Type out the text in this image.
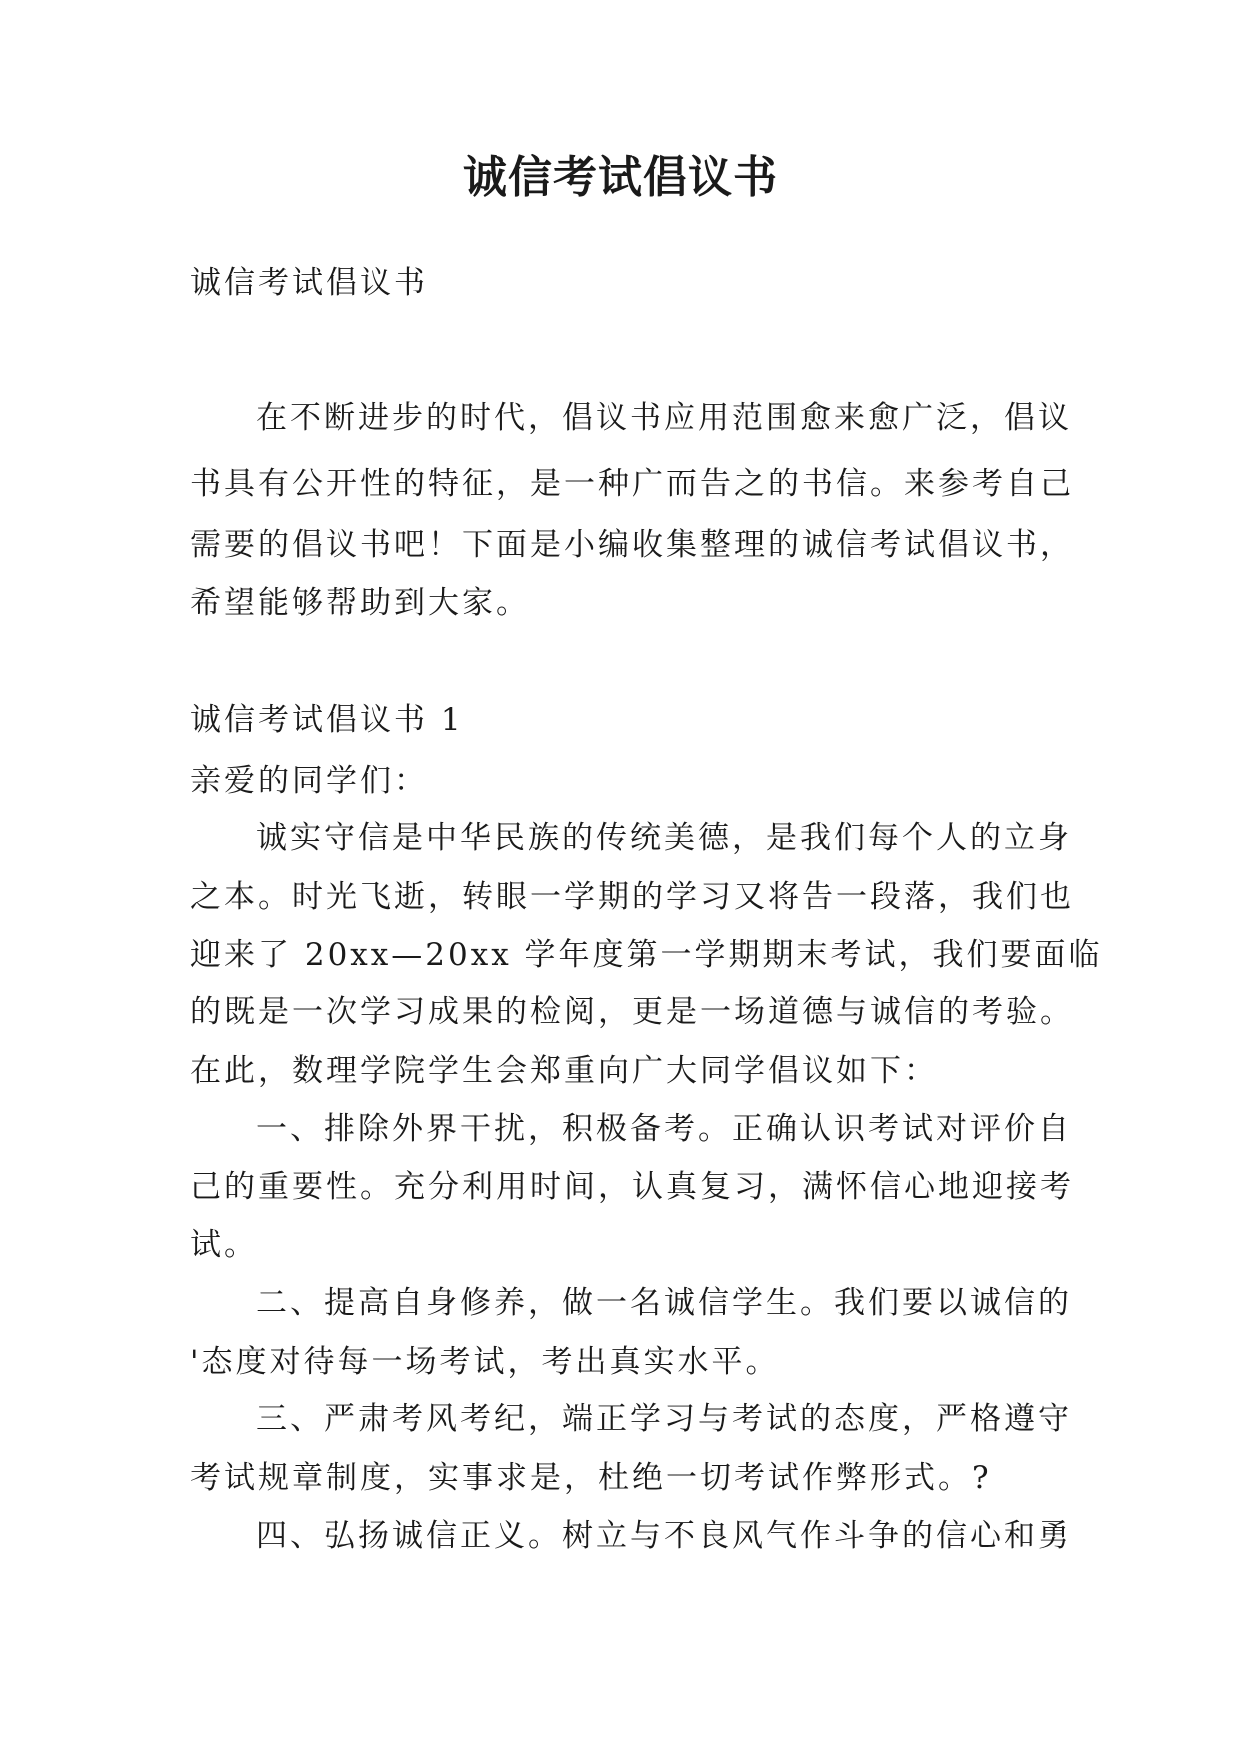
诚信考试倡议书
诚信考试倡议书
在不断进步的时代，倡议书应用范围愈来愈广泛，倡议
书具有公开性的特征，是一种广而告之的书信。来参考自己
需要的倡议书吧！下面是小编收集整理的诚信考试倡议书，
希望能够帮助到大家。
诚信考试倡议书 1
亲爱的同学们：
诚实守信是中华民族的传统美德，是我们每个人的立身
之本。时光飞逝，转眼一学期的学习又将告一段落，我们也
迎来了 20xx—20xx 学年度第一学期期末考试，我们要面临
的既是一次学习成果的检阅，更是一场道德与诚信的考验。
在此，数理学院学生会郑重向广大同学倡议如下：
一、排除外界干扰，积极备考。正确认识考试对评价自
己的重要性。充分利用时间，认真复习，满怀信心地迎接考
试。
二、提高自身修养，做一名诚信学生。我们要以诚信的
'态度对待每一场考试，考出真实水平。
三、严肃考风考纪，端正学习与考试的态度，严格遵守
考试规章制度，实事求是，杜绝一切考试作弊形式。?
四、弘扬诚信正义。树立与不良风气作斗争的信心和勇
